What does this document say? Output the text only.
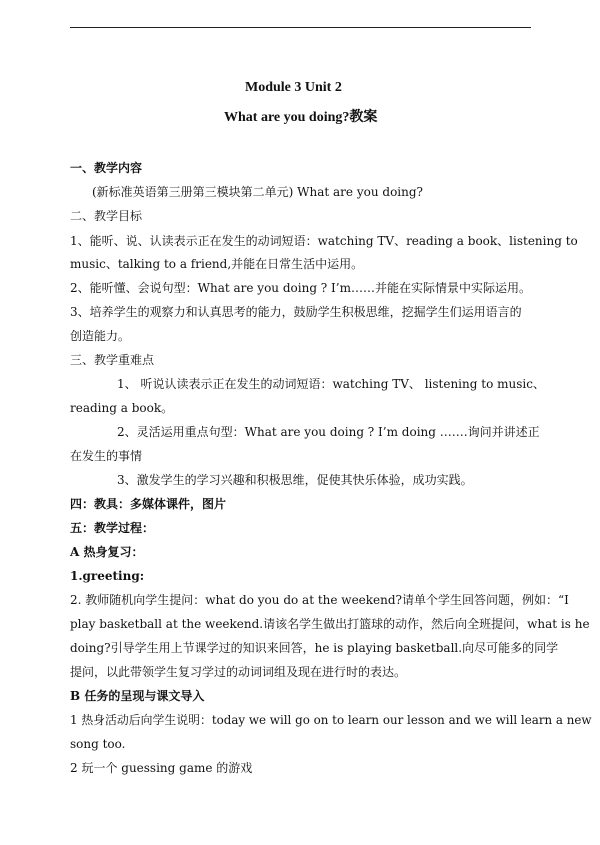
Module 3 Unit 2
What are you doing?教案
一、教学内容
(新标准英语第三册第三模块第二单元) What are you doing?
二、教学目标
1、能听、说、认读表示正在发生的动词短语：watching TV、reading a book、listening to
music、talking to a friend,并能在日常生活中运用。
2、能听懂、会说句型：What are you doing ? I’m……并能在实际情景中实际运用。
3、培养学生的观察力和认真思考的能力，鼓励学生积极思维，挖掘学生们运用语言的
创造能力。
三、教学重难点
1、 听说认读表示正在发生的动词短语：watching TV、 listening to music、
reading a book。
2、灵活运用重点句型：What are you doing ? I’m doing …….询问并讲述正
在发生的事情
3、激发学生的学习兴趣和积极思维，促使其快乐体验，成功实践。
四：教具：多媒体课件，图片
五：教学过程：
A 热身复习：
1.greeting:
2. 教师随机向学生提问：what do you do at the weekend?请单个学生回答问题，例如：“I
play basketball at the weekend.请该名学生做出打篮球的动作，然后向全班提问，what is he
doing?引导学生用上节课学过的知识来回答，he is playing basketball.向尽可能多的同学
提问，以此带领学生复习学过的动词词组及现在进行时的表达。
B 任务的呈现与课文导入
1 热身活动后向学生说明：today we will go on to learn our lesson and we will learn a new
song too.
2 玩一个 guessing game 的游戏
